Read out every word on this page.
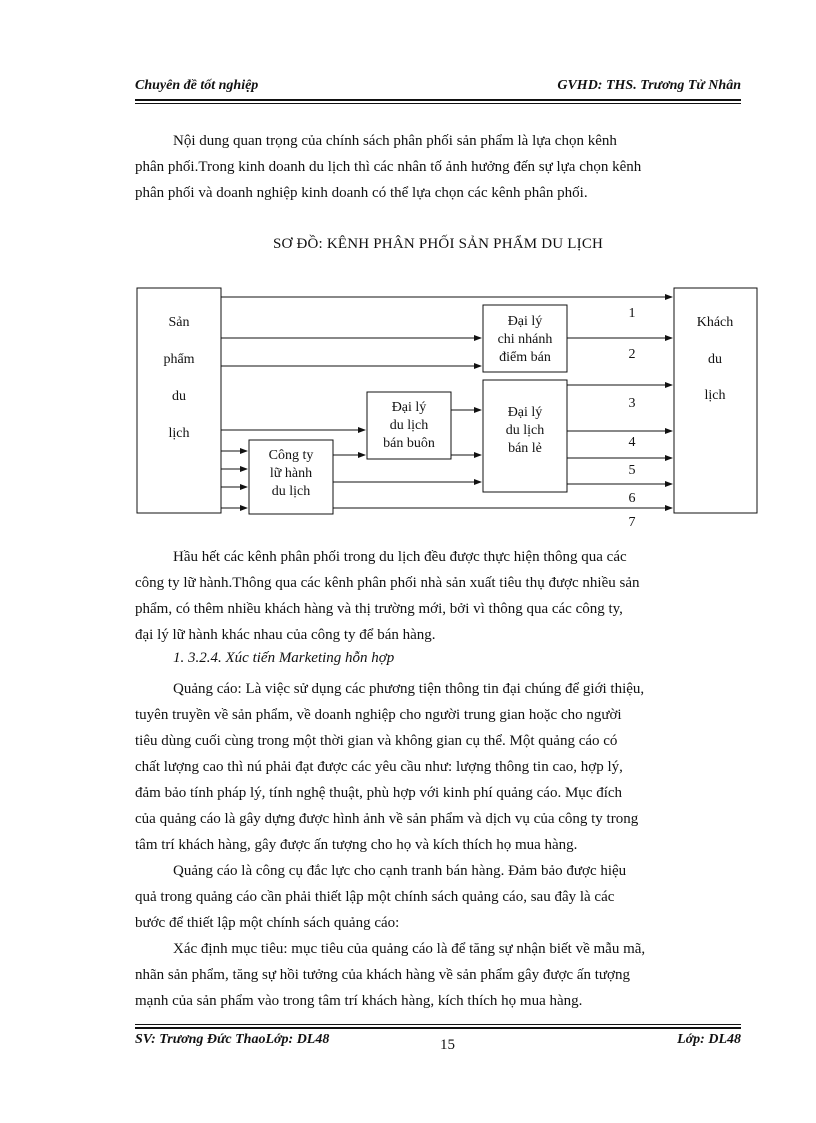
Chuyên đề tốt nghiệp	GVHD: THS. Trương Tử Nhân
Nội dung quan trọng của chính sách phân phối sản phẩm là lựa chọn kênh
phân phối.Trong kinh doanh du lịch thì các nhân tố ảnh hưởng đến sự lựa chọn kênh
phân phối và doanh nghiệp kinh doanh có thể lựa chọn các kênh phân phối.
SƠ ĐỒ: KÊNH PHÂN PHỐI SẢN PHẨM DU LỊCH
Sản
phẩm
du
lịch
Khách
du
lịch
Đại lý
chi nhánh
điểm bán
Đại lý
du lịch
bán buôn
Đại lý
du lịch
bán lẻ
Công ty
lữ hành
du lịch
1
2
3
4
5
6
7
Hầu hết các kênh phân phối trong du lịch đều được thực hiện thông qua các
công ty lữ hành.Thông qua các kênh phân phối nhà sản xuất tiêu thụ được nhiều sản
phẩm, có thêm nhiều khách hàng và thị trường mới, bởi vì thông qua các công ty,
đại lý lữ hành khác nhau của công ty để bán hàng.
1. 3.2.4. Xúc tiến Marketing hỗn hợp
Quảng cáo: Là việc sử dụng các phương tiện thông tin đại chúng để giới thiệu,
tuyên truyền về sản phẩm, về doanh nghiệp cho người trung gian hoặc cho người
tiêu dùng cuối cùng trong một thời gian và không gian cụ thể. Một quảng cáo có
chất lượng cao thì nú phải đạt được các yêu cầu như: lượng thông tin cao, hợp lý,
đảm bảo tính pháp lý, tính nghệ thuật, phù hợp với kinh phí quảng cáo. Mục đích
của quảng cáo là gây dựng được hình ảnh về sản phẩm và dịch vụ của công ty trong
tâm trí khách hàng, gây được ấn tượng cho họ và kích thích họ mua hàng.
Quảng cáo là công cụ đắc lực cho cạnh tranh bán hàng. Đảm bảo được hiệu
quả trong quảng cáo cần phải thiết lập một chính sách quảng cáo, sau đây là các
bước để thiết lập một chính sách quảng cáo:
Xác định mục tiêu: mục tiêu của quảng cáo là để tăng sự nhận biết về mẫu mã,
nhãn sản phẩm, tăng sự hồi tưởng của khách hàng về sản phẩm gây được ấn tượng
mạnh của sản phẩm vào trong tâm trí khách hàng, kích thích họ mua hàng.
SV: Trương Đức ThaoLớp: DL48	15	Lớp: DL48
